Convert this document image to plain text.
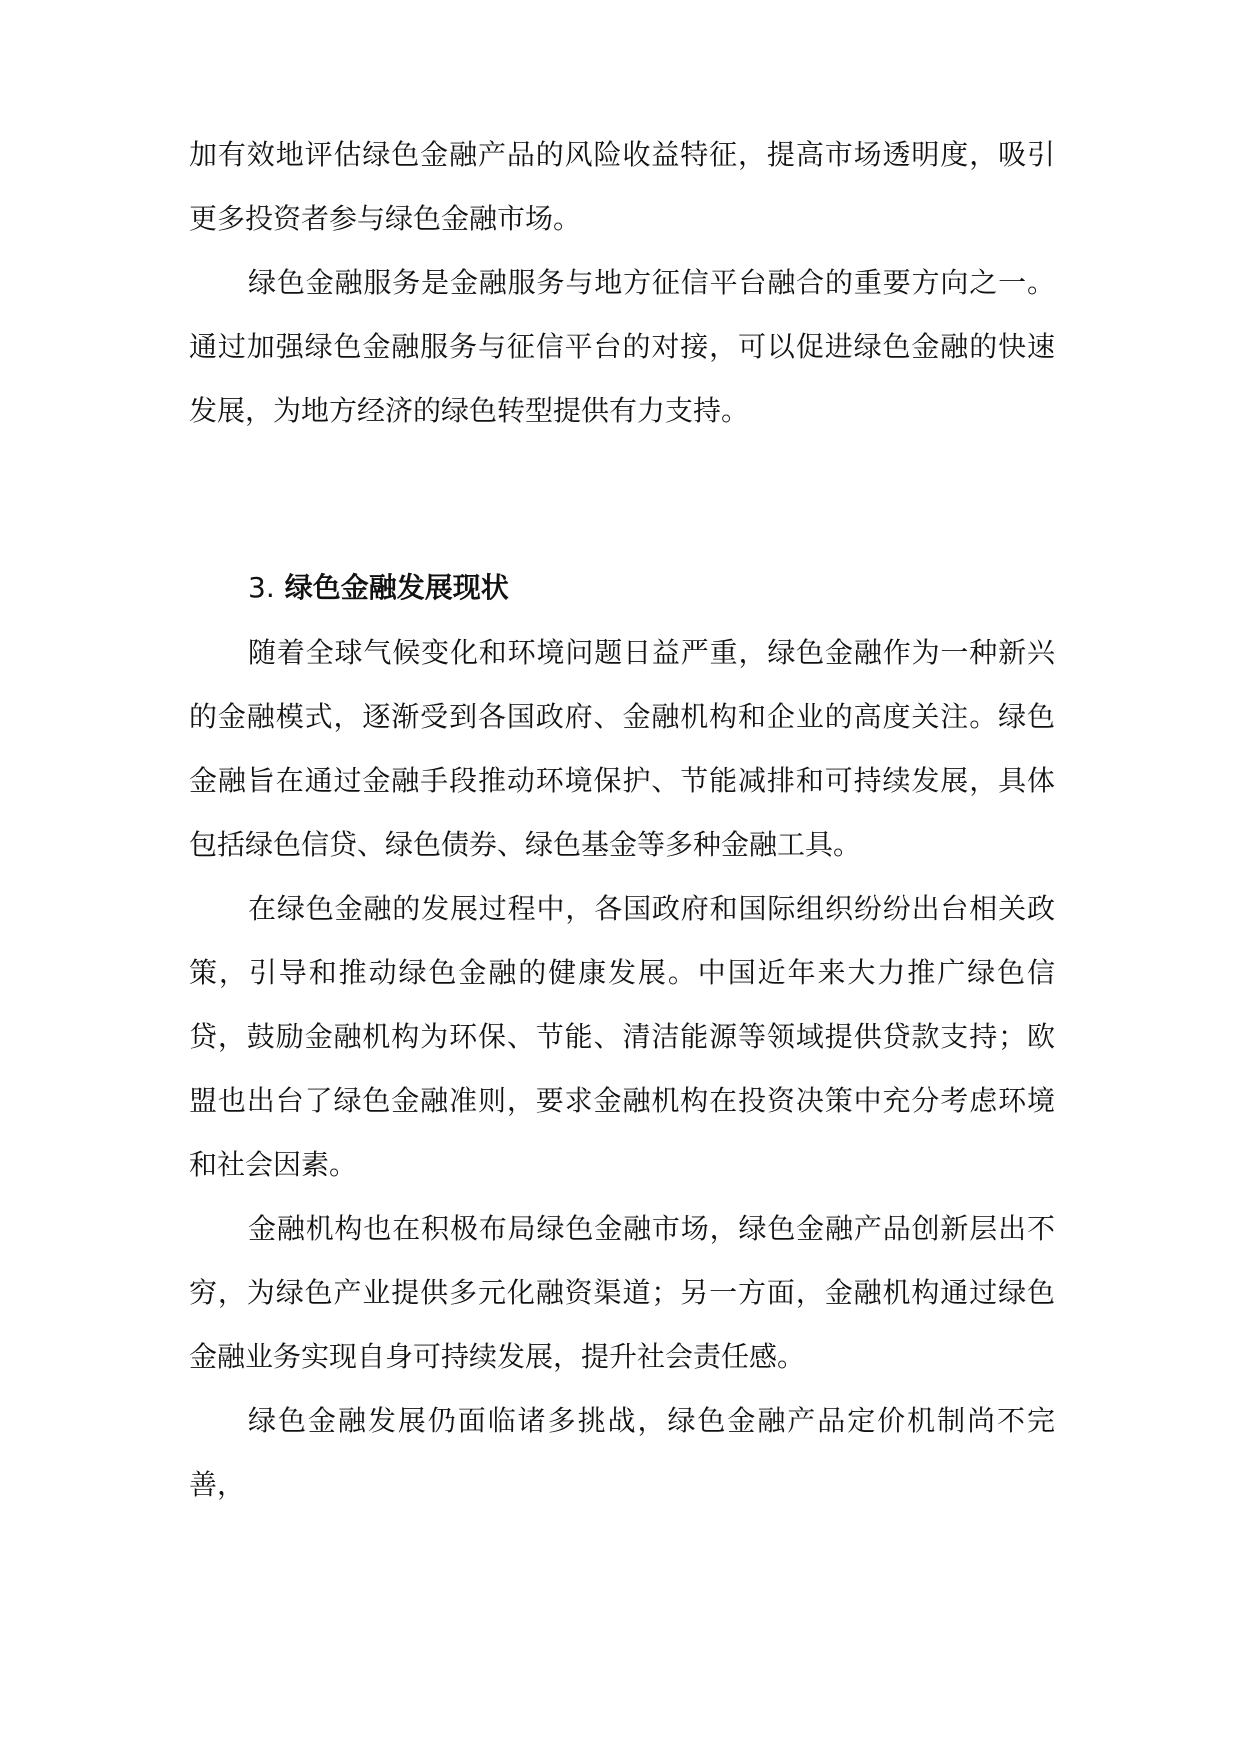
加有效地评估绿色金融产品的风险收益特征，提高市场透明度，吸引更多投资者参与绿色金融市场。

绿色金融服务是金融服务与地方征信平台融合的重要方向之一。通过加强绿色金融服务与征信平台的对接，可以促进绿色金融的快速发展，为地方经济的绿色转型提供有力支持。

3. 绿色金融发展现状

随着全球气候变化和环境问题日益严重，绿色金融作为一种新兴的金融模式，逐渐受到各国政府、金融机构和企业的高度关注。绿色金融旨在通过金融手段推动环境保护、节能减排和可持续发展，具体包括绿色信贷、绿色债券、绿色基金等多种金融工具。

在绿色金融的发展过程中，各国政府和国际组织纷纷出台相关政策，引导和推动绿色金融的健康发展。中国近年来大力推广绿色信贷，鼓励金融机构为环保、节能、清洁能源等领域提供贷款支持；欧盟也出台了绿色金融准则，要求金融机构在投资决策中充分考虑环境和社会因素。

金融机构也在积极布局绿色金融市场，绿色金融产品创新层出不穷，为绿色产业提供多元化融资渠道；另一方面，金融机构通过绿色金融业务实现自身可持续发展，提升社会责任感。

绿色金融发展仍面临诸多挑战，绿色金融产品定价机制尚不完善，
